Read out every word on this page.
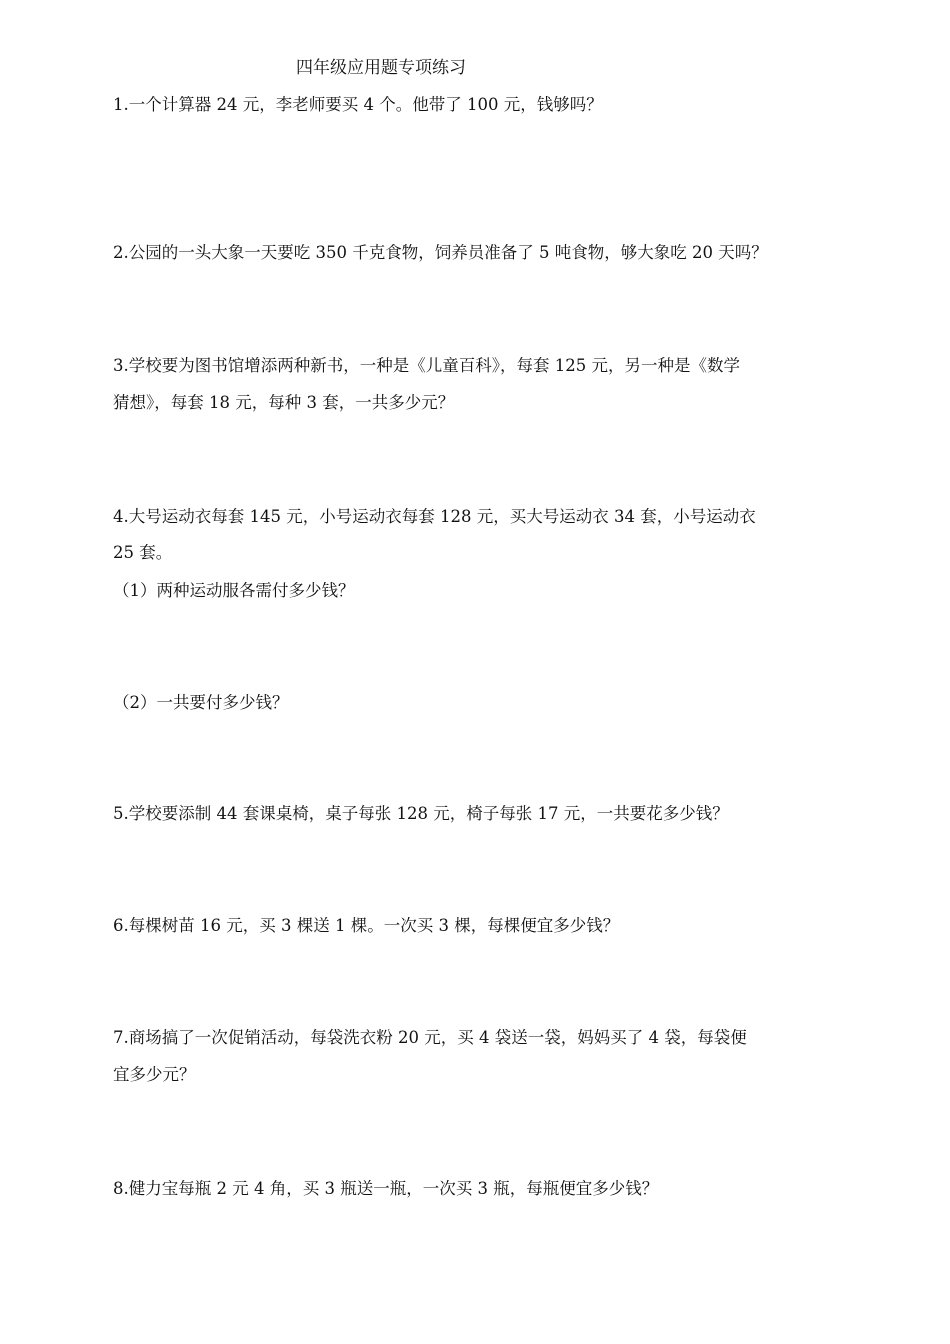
四年级应用题专项练习
1.一个计算器 24 元，李老师要买 4 个。他带了 100 元，钱够吗？
2.公园的一头大象一天要吃 350 千克食物，饲养员准备了 5 吨食物，够大象吃 20 天吗？
3.学校要为图书馆增添两种新书，一种是《儿童百科》，每套 125 元，另一种是《数学
猜想》，每套 18 元，每种 3 套，一共多少元？
4.大号运动衣每套 145 元，小号运动衣每套 128 元，买大号运动衣 34 套，小号运动衣
25 套。
（1）两种运动服各需付多少钱？
（2）一共要付多少钱？
5.学校要添制 44 套课桌椅，桌子每张 128 元，椅子每张 17 元，一共要花多少钱？
6.每棵树苗 16 元，买 3 棵送 1 棵。一次买 3 棵，每棵便宜多少钱？
7.商场搞了一次促销活动，每袋洗衣粉 20 元，买 4 袋送一袋，妈妈买了 4 袋，每袋便
宜多少元？
8.健力宝每瓶 2 元 4 角，买 3 瓶送一瓶，一次买 3 瓶，每瓶便宜多少钱？
